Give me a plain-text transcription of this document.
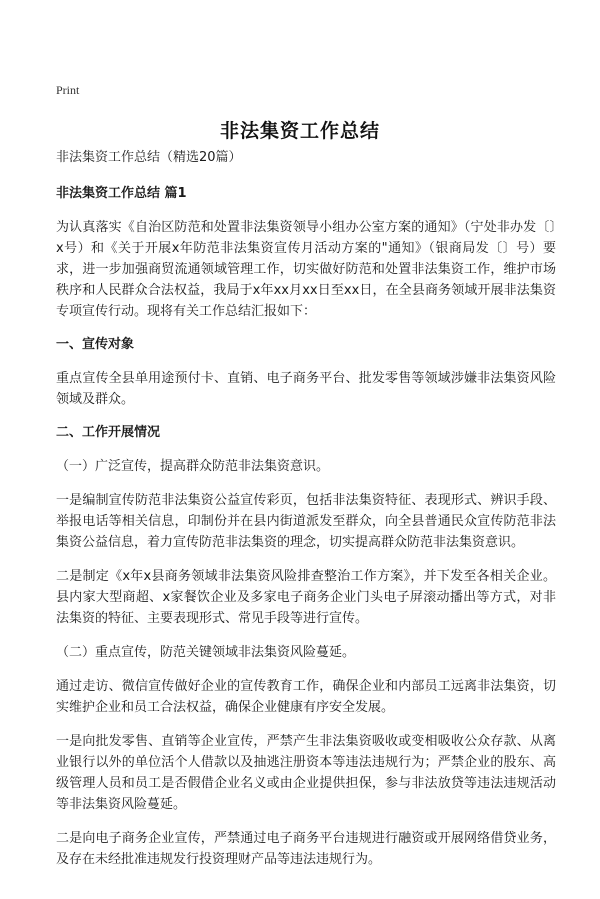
Print
非法集资工作总结

非法集资工作总结（精选20篇）

非法集资工作总结 篇1

为认真落实《自治区防范和处置非法集资领导小组办公室方案的通知》（宁处非办发〔〕x号）和《关于开展x年防范非法集资宣传月活动方案的"通知》（银商局发〔〕号）要求，进一步加强商贸流通领域管理工作，切实做好防范和处置非法集资工作，维护市场秩序和人民群众合法权益，我局于x年xx月xx日至xx日，在全县商务领域开展非法集资专项宣传行动。现将有关工作总结汇报如下：

一、宣传对象

重点宣传全县单用途预付卡、直销、电子商务平台、批发零售等领域涉嫌非法集资风险领域及群众。

二、工作开展情况

（一）广泛宣传，提高群众防范非法集资意识。

一是编制宣传防范非法集资公益宣传彩页，包括非法集资特征、表现形式、辨识手段、举报电话等相关信息，印制份并在县内街道派发至群众，向全县普通民众宣传防范非法集资公益信息，着力宣传防范非法集资的理念，切实提高群众防范非法集资意识。

二是制定《x年x县商务领域非法集资风险排查整治工作方案》，并下发至各相关企业。县内家大型商超、x家餐饮企业及多家电子商务企业门头电子屏滚动播出等方式，对非法集资的特征、主要表现形式、常见手段等进行宣传。

（二）重点宣传，防范关键领域非法集资风险蔓延。

通过走访、微信宣传做好企业的宣传教育工作，确保企业和内部员工远离非法集资，切实维护企业和员工合法权益，确保企业健康有序安全发展。

一是向批发零售、直销等企业宣传，严禁产生非法集资吸收或变相吸收公众存款、从离业银行以外的单位活个人借款以及抽逃注册资本等违法违规行为；严禁企业的股东、高级管理人员和员工是否假借企业名义或由企业提供担保，参与非法放贷等违法违规活动等非法集资风险蔓延。

二是向电子商务企业宣传，严禁通过电子商务平台违规进行融资或开展网络借贷业务，及存在未经批准违规发行投资理财产品等违法违规行为。
